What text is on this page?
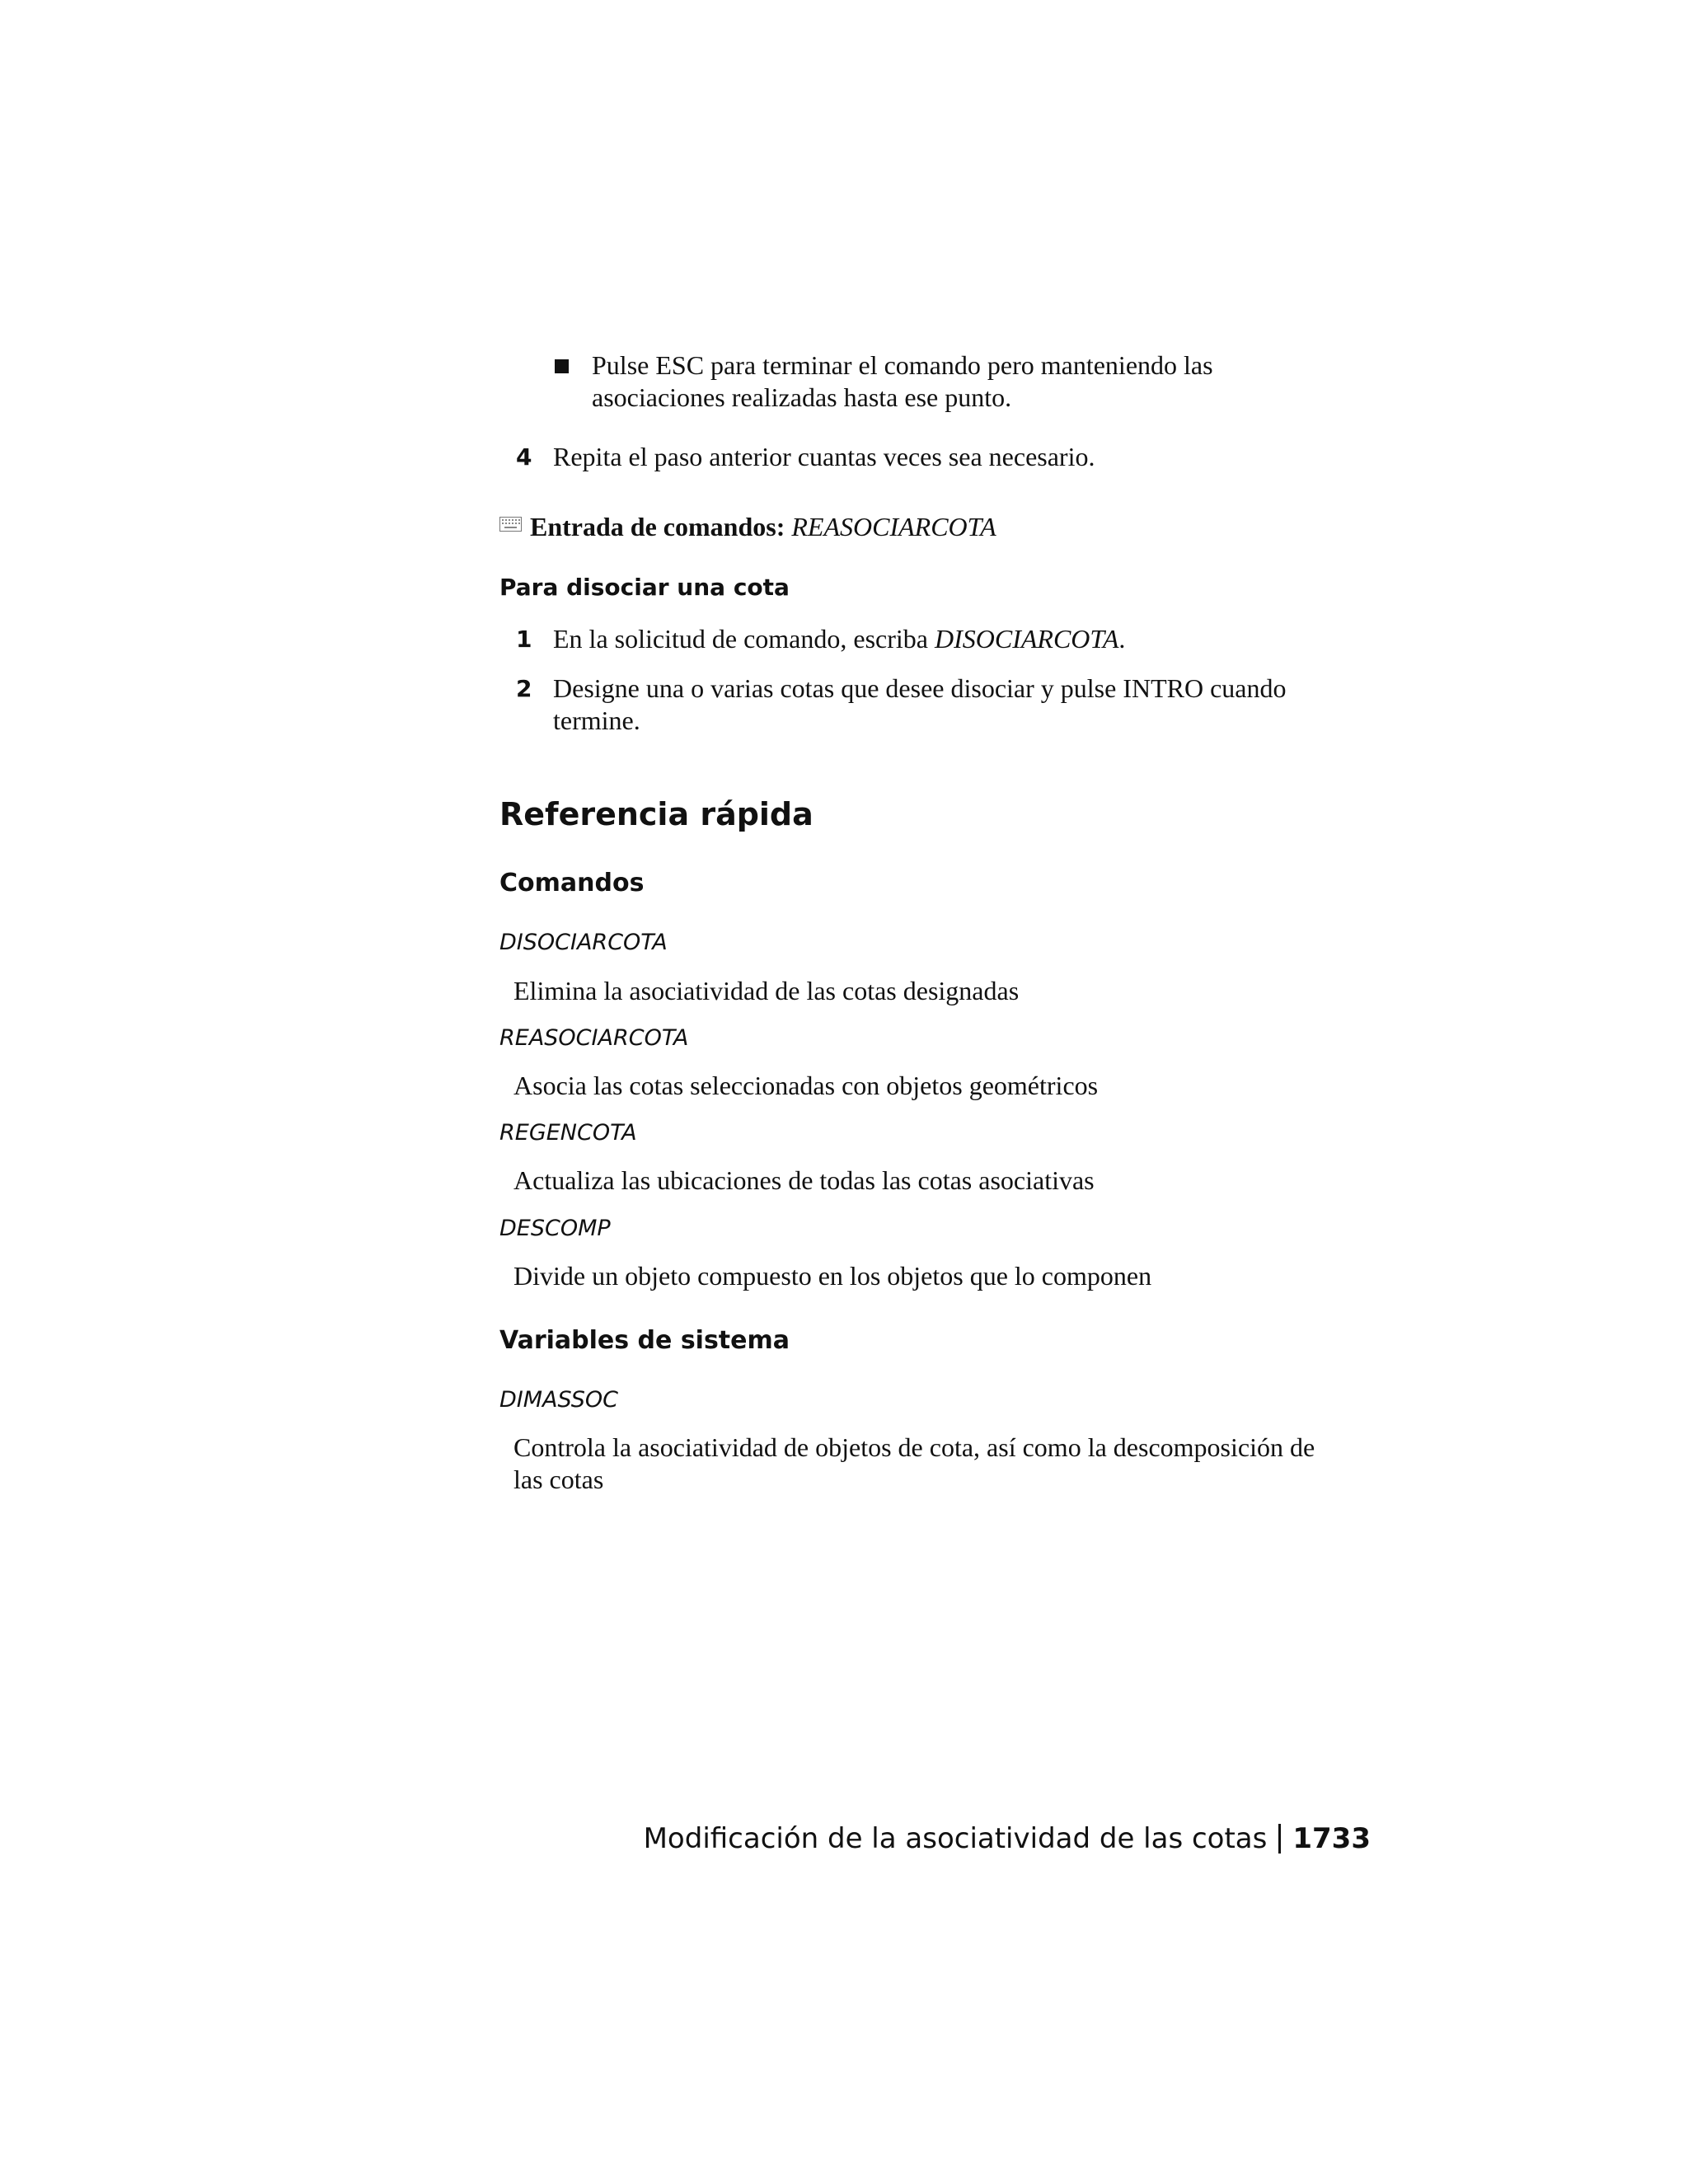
Pulse ESC para terminar el comando pero manteniendo las
asociaciones realizadas hasta ese punto.
4 Repita el paso anterior cuantas veces sea necesario.
Entrada de comandos: REASOCIARCOTA
Para disociar una cota
1 En la solicitud de comando, escriba DISOCIARCOTA.
2 Designe una o varias cotas que desee disociar y pulse INTRO cuando
termine.
Referencia rápida
Comandos
DISOCIARCOTA
Elimina la asociatividad de las cotas designadas
REASOCIARCOTA
Asocia las cotas seleccionadas con objetos geométricos
REGENCOTA
Actualiza las ubicaciones de todas las cotas asociativas
DESCOMP
Divide un objeto compuesto en los objetos que lo componen
Variables de sistema
DIMASSOC
Controla la asociatividad de objetos de cota, así como la descomposición de
las cotas
Modificación de la asociatividad de las cotas 1733
